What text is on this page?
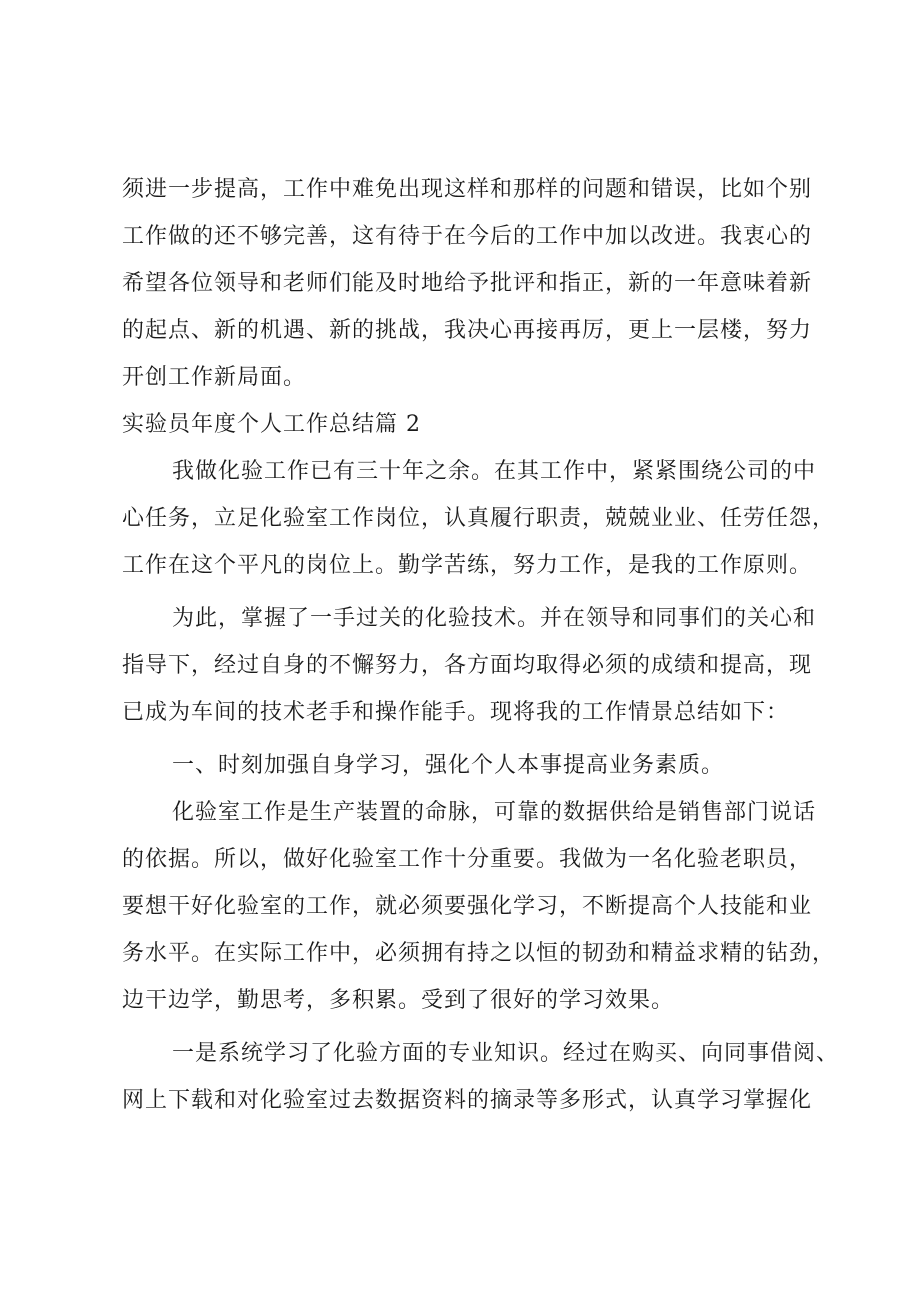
须进一步提高，工作中难免出现这样和那样的问题和错误，比如个别
工作做的还不够完善，这有待于在今后的工作中加以改进。我衷心的
希望各位领导和老师们能及时地给予批评和指正，新的一年意味着新
的起点、新的机遇、新的挑战，我决心再接再厉，更上一层楼，努力
开创工作新局面。
实验员年度个人工作总结篇 2
我做化验工作已有三十年之余。在其工作中，紧紧围绕公司的中
心任务，立足化验室工作岗位，认真履行职责，兢兢业业、任劳任怨，
工作在这个平凡的岗位上。勤学苦练，努力工作，是我的工作原则。
为此，掌握了一手过关的化验技术。并在领导和同事们的关心和
指导下，经过自身的不懈努力，各方面均取得必须的成绩和提高，现
已成为车间的技术老手和操作能手。现将我的工作情景总结如下：
一、时刻加强自身学习，强化个人本事提高业务素质。
化验室工作是生产装置的命脉，可靠的数据供给是销售部门说话
的依据。所以，做好化验室工作十分重要。我做为一名化验老职员，
要想干好化验室的工作，就必须要强化学习，不断提高个人技能和业
务水平。在实际工作中，必须拥有持之以恒的韧劲和精益求精的钻劲，
边干边学，勤思考，多积累。受到了很好的学习效果。
一是系统学习了化验方面的专业知识。经过在购买、向同事借阅、
网上下载和对化验室过去数据资料的摘录等多形式，认真学习掌握化
